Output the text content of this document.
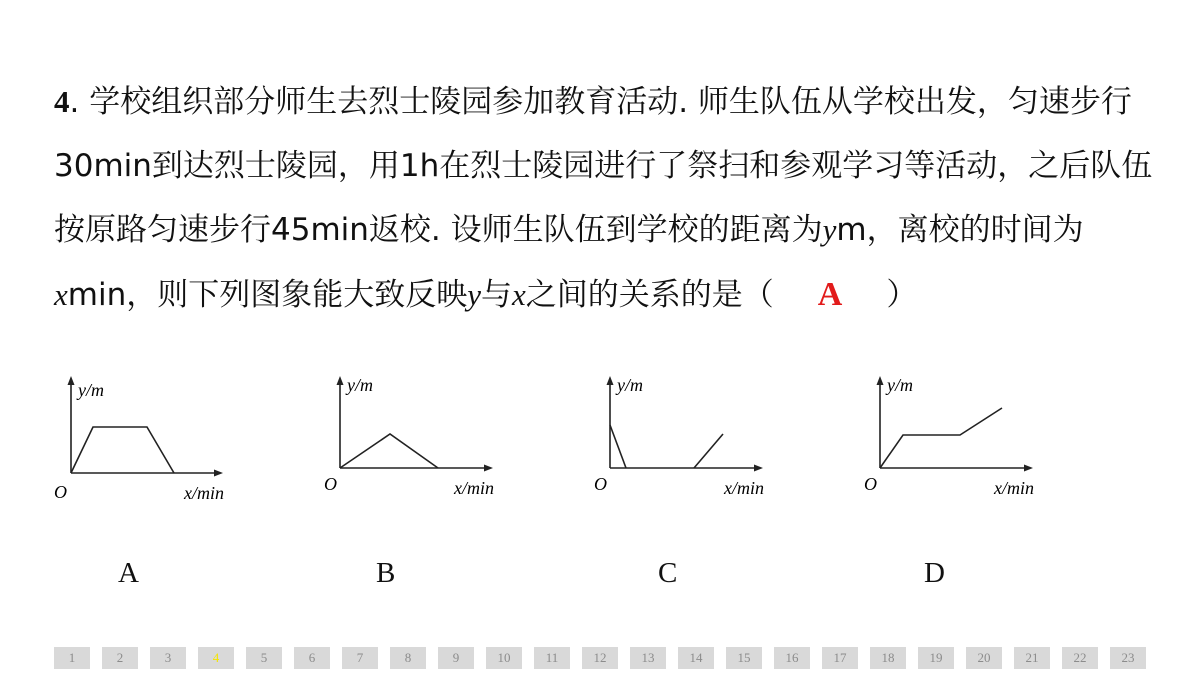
4. 学校组织部分师生去烈士陵园参加教育活动. 师生队伍从学校出发，匀速步行30min到达烈士陵园，用1h在烈士陵园进行了祭扫和参观学习等活动，之后队伍按原路匀速步行45min返校. 设师生队伍到学校的距离为ym，离校的时间为xmin，则下列图象能大致反映y与x之间的关系的是（ A ）
y/m
O	x/min
y/m
O	x/min
y/m
O	x/min
y/m
O	x/min
A	B	C	D
1	2	3	4	5	6	7	8	9	10	11	12	13	14	15	16	17	18	19	20	21	22	23
